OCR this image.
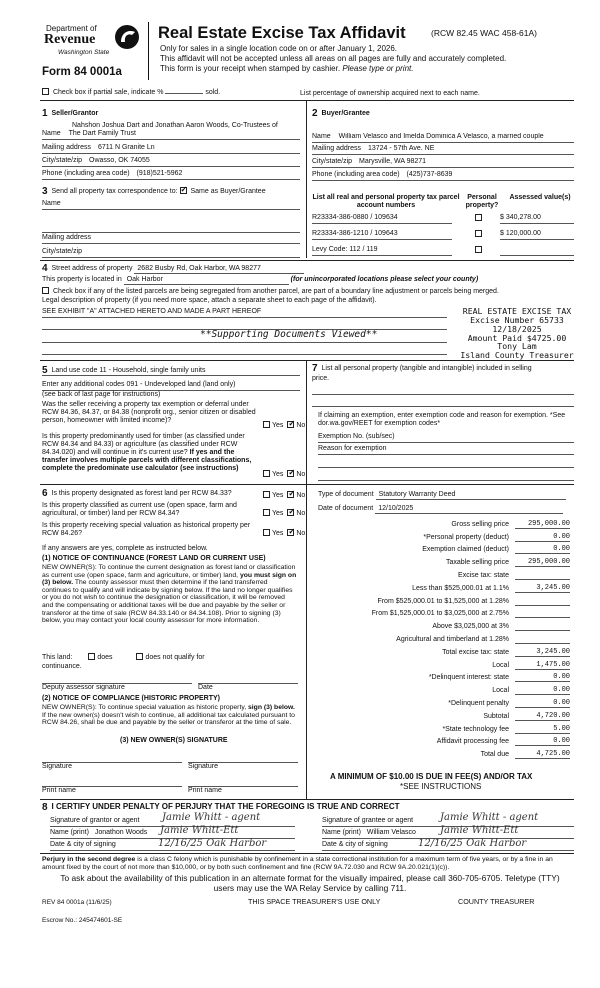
Department of
Revenue
Washington State
Form 84 0001a
Real Estate Excise Tax Affidavit	(RCW 82.45 WAC 458-61A)
Only for sales in a single location code on or after January 1, 2026.
This affidavit will not be accepted unless all areas on all pages are fully and accurately completed.
This form is your receipt when stamped by cashier. Please type or print.
Check box if partial sale, indicate %	sold.	List percentage of ownership acquired next to each name.
1 Seller/Grantor
Nahshon Joshua Dart and Jonathan Aaron Woods, Co-Trustees of
Name The Dart Family Trust
Mailing address 6711 N Granite Ln
City/state/zip Owasso, OK 74055
Phone (including area code) (918)521-5962
2 Buyer/Grantee
Name William Velasco and Imelda Dominica A Velasco, a married couple
Mailing address 13724 - 57th Ave. NE
City/state/zip Marysville, WA 98271
Phone (including area code) (425)737-8639
3 Send all property tax correspondence to: ✓ Same as Buyer/Grantee
Name
Mailing address
City/state/zip
List all real and personal property tax parcel account numbers
Personal property?
Assessed value(s)
R23334-386-0880 / 109634	$ 340,278.00
R23334-386-1210 / 109643	$ 120,000.00
Levy Code: 112 / 119
4 Street address of property 2682 Busby Rd, Oak Harbor, WA 98277
This property is located in Oak Harbor	(for unincorporated locations please select your county)
Check box if any of the listed parcels are being segregated from another parcel, are part of a boundary line adjustment or parcels being merged.
Legal description of property (if you need more space, attach a separate sheet to each page of the affidavit).
SEE EXHIBIT "A" ATTACHED HERETO AND MADE A PART HEREOF
**Supporting Documents Viewed**
REAL ESTATE EXCISE TAX
Excise Number 65733
12/18/2025
Amount Paid $4725.00
Tony Lam
Island County Treasurer
5 Land use code 11 - Household, single family units
Enter any additional codes 091 - Undeveloped land (land only)
(see back of last page for instructions)
Was the seller receiving a property tax exemption or deferral under RCW 84.36, 84.37, or 84.38 (nonprofit org., senior citizen or disabled person, homeowner with limited income)?
Yes ✓ No
Is this property predominantly used for timber (as classified under RCW 84.34 and 84.33) or agriculture (as classified under RCW 84.34.020) and will continue in it's current use? If yes and the transfer involves multiple parcels with different classifications, complete the predominate use calculator (see instructions)
Yes ✓ No
7 List all personal property (tangible and intangible) included in selling price.
If claiming an exemption, enter exemption code and reason for exemption. *See dor.wa.gov/REET for exemption codes*
Exemption No. (sub/sec)
Reason for exemption
6 Is this property designated as forest land per RCW 84.33?	Yes ✓ No
Is this property classified as current use (open space, farm and agricultural, or timber) land per RCW 84.34?	Yes ✓ No
Is this property receiving special valuation as historical property per RCW 84.26?	Yes ✓ No
If any answers are yes, complete as instructed below.
(1) NOTICE OF CONTINUANCE (FOREST LAND OR CURRENT USE)
NEW OWNER(S): To continue the current designation as forest land or classification as current use (open space, farm and agriculture, or timber) land, you must sign on (3) below. The county assessor must then determine if the land transferred continues to qualify and will indicate by signing below. If the land no longer qualifies or you do not wish to continue the designation or classification, it will be removed and the compensating or additional taxes will be due and payable by the seller or transferor at the time of sale (RCW 84.33.140 or 84.34.108). Prior to signing (3) below, you may contact your local county assessor for more information.
This land:	does	does not qualify for
continuance.
Deputy assessor signature	Date
(2) NOTICE OF COMPLIANCE (HISTORIC PROPERTY)
NEW OWNER(S): To continue special valuation as historic property, sign (3) below. If the new owner(s) doesn't wish to continue, all additional tax calculated pursuant to RCW 84.26, shall be due and payable by the seller or transferor at the time of sale.
(3) NEW OWNER(S) SIGNATURE
Signature	Signature
Print name	Print name
Type of document Statutory Warranty Deed
Date of document 12/10/2025
Gross selling price	295,000.00
*Personal property (deduct)	0.00
Exemption claimed (deduct)	0.00
Taxable selling price	295,000.00
Excise tax: state
Less than $525,000.01 at 1.1%	3,245.00
From $525,000.01 to $1,525,000 at 1.28%
From $1,525,000.01 to $3,025,000 at 2.75%
Above $3,025,000 at 3%
Agricultural and timberland at 1.28%
Total excise tax: state	3,245.00
Local	1,475.00
*Delinquent interest: state	0.00
Local	0.00
*Delinquent penalty	0.00
Subtotal	4,720.00
*State technology fee	5.00
Affidavit processing fee	0.00
Total due	4,725.00
A MINIMUM OF $10.00 IS DUE IN FEE(S) AND/OR TAX
*SEE INSTRUCTIONS
8 I CERTIFY UNDER PENALTY OF PERJURY THAT THE FOREGOING IS TRUE AND CORRECT
Signature of grantor or agent	Jamie Whitt - agent
Name (print) Jonathon Woods	Jamie Whitt-Ett
Date & city of signing	12/16/25 Oak Harbor
Signature of grantee or agent	Jamie Whitt - agent
Name (print) William Velasco	Jamie Whitt-Ett
Date & city of signing	12/16/25 Oak Harbor
Perjury in the second degree is a class C felony which is punishable by confinement in a state correctional institution for a maximum term of five years, or by a fine in an amount fixed by the court of not more than $10,000, or by both such confinement and fine (RCW 9A.72.030 and RCW 9A.20.021(1)(c)).
To ask about the availability of this publication in an alternate format for the visually impaired, please call 360-705-6705. Teletype (TTY) users may use the WA Relay Service by calling 711.
REV 84 0001a (11/6/25)	THIS SPACE TREASURER'S USE ONLY	COUNTY TREASURER
Escrow No.: 245474601-SE
